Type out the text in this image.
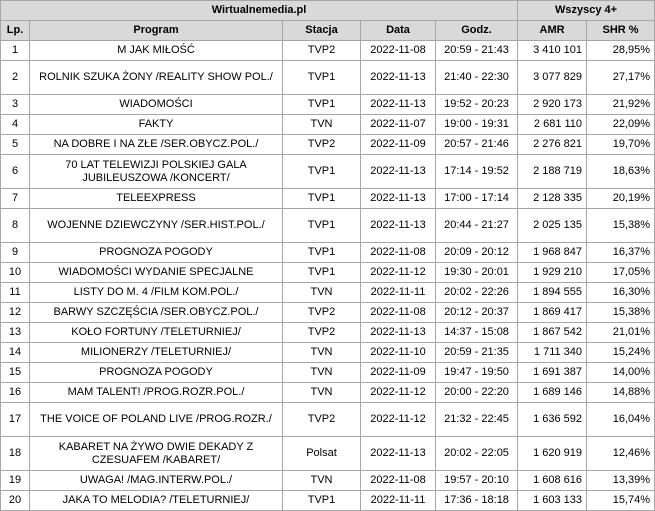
Wirtualnemedia.pl					Wszyscy 4+	
Lp.	Program	Stacja	Data	Godz.	AMR	SHR %
1	M JAK MIŁOŚĆ	TVP2	2022-11-08	20:59 - 21:43	3 410 101	28,95%
2	ROLNIK SZUKA ŻONY /REALITY SHOW POL./	TVP1	2022-11-13	21:40 - 22:30	3 077 829	27,17%
3	WIADOMOŚCI	TVP1	2022-11-13	19:52 - 20:23	2 920 173	21,92%
4	FAKTY	TVN	2022-11-07	19:00 - 19:31	2 681 110	22,09%
5	NA DOBRE I NA ZŁE /SER.OBYCZ.POL./	TVP2	2022-11-09	20:57 - 21:46	2 276 821	19,70%
6	70 LAT TELEWIZJI POLSKIEJ GALA JUBILEUSZOWA /KONCERT/	TVP1	2022-11-13	17:14 - 19:52	2 188 719	18,63%
7	TELEEXPRESS	TVP1	2022-11-13	17:00 - 17:14	2 128 335	20,19%
8	WOJENNE DZIEWCZYNY /SER.HIST.POL./	TVP1	2022-11-13	20:44 - 21:27	2 025 135	15,38%
9	PROGNOZA POGODY	TVP1	2022-11-08	20:09 - 20:12	1 968 847	16,37%
10	WIADOMOŚCI WYDANIE SPECJALNE	TVP1	2022-11-12	19:30 - 20:01	1 929 210	17,05%
11	LISTY DO M. 4 /FILM KOM.POL./	TVN	2022-11-11	20:02 - 22:26	1 894 555	16,30%
12	BARWY SZCZĘŚCIA /SER.OBYCZ.POL./	TVP2	2022-11-08	20:12 - 20:37	1 869 417	15,38%
13	KOŁO FORTUNY /TELETURNIEJ/	TVP2	2022-11-13	14:37 - 15:08	1 867 542	21,01%
14	MILIONERZY /TELETURNIEJ/	TVN	2022-11-10	20:59 - 21:35	1 711 340	15,24%
15	PROGNOZA POGODY	TVN	2022-11-09	19:47 - 19:50	1 691 387	14,00%
16	MAM TALENT! /PROG.ROZR.POL./	TVN	2022-11-12	20:00 - 22:20	1 689 146	14,88%
17	THE VOICE OF POLAND LIVE /PROG.ROZR./	TVP2	2022-11-12	21:32 - 22:45	1 636 592	16,04%
18	KABARET NA ŻYWO DWIE DEKADY Z CZESUAFEM /KABARET/	Polsat	2022-11-13	20:02 - 22:05	1 620 919	12,46%
19	UWAGA! /MAG.INTERW.POL./	TVN	2022-11-08	19:57 - 20:10	1 608 616	13,39%
20	JAKA TO MELODIA? /TELETURNIEJ/	TVP1	2022-11-11	17:36 - 18:18	1 603 133	15,74%
